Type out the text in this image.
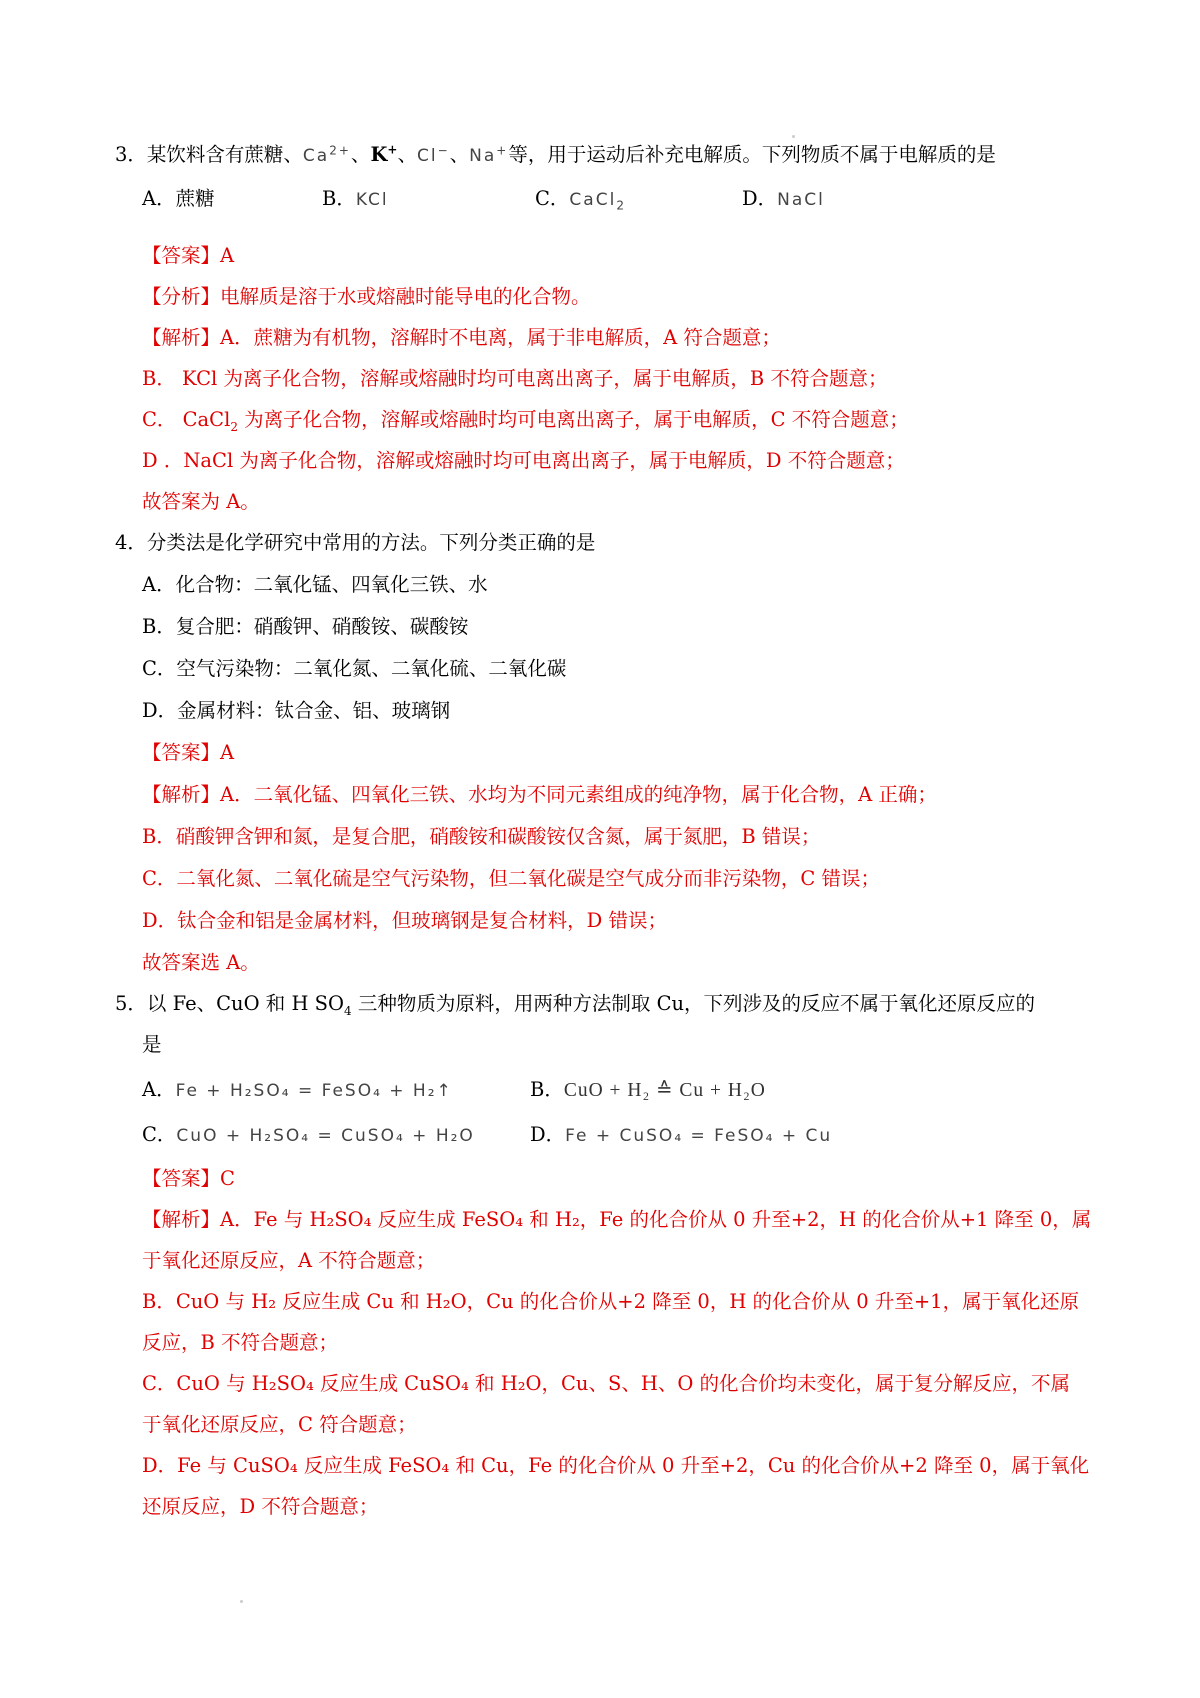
3．某饮料含有蔗糖、$Ca^{2+}$、K+、Cl−、Na+等，用于运动后补充电解质。下列物质不属于电解质的是
A．蔗糖	B．KCl	C．CaCl$_2$	D．NaCl
【答案】A
【分析】电解质是溶于水或熔融时能导电的化合物。
【解析】A．蔗糖为有机物，溶解时不电离，属于非电解质，A 符合题意；
B． KCl 为离子化合物，溶解或熔融时均可电离出离子，属于电解质，B 不符合题意；
C． CaCl$_2$ 为离子化合物，溶解或熔融时均可电离出离子，属于电解质，C 不符合题意；
D ．NaCl 为离子化合物，溶解或熔融时均可电离出离子，属于电解质，D 不符合题意；
故答案为 A。
4．分类法是化学研究中常用的方法。下列分类正确的是
A．化合物：二氧化锰、四氧化三铁、水
B．复合肥：硝酸钾、硝酸铵、碳酸铵
C．空气污染物：二氧化氮、二氧化硫、二氧化碳
D．金属材料：钛合金、铝、玻璃钢
【答案】A
【解析】A．二氧化锰、四氧化三铁、水均为不同元素组成的纯净物，属于化合物，A 正确；
B．硝酸钾含钾和氮，是复合肥，硝酸铵和碳酸铵仅含氮，属于氮肥，B 错误；
C．二氧化氮、二氧化硫是空气污染物，但二氧化碳是空气成分而非污染物，C 错误；
D．钛合金和铝是金属材料，但玻璃钢是复合材料，D 错误；
故答案选 A。
5．以 Fe、CuO 和 H $SO_4$ 三种物质为原料，用两种方法制取 Cu，下列涉及的反应不属于氧化还原反应的
是
A．Fe + H₂SO₄ = FeSO₄ + H₂↑	B．CuO + H₂ ≙ Cu + H₂O
C．CuO + H₂SO₄ = CuSO₄ + H₂O	D．Fe + CuSO₄ = FeSO₄ + Cu
【答案】C
【解析】A．Fe 与 H₂SO₄ 反应生成 FeSO₄ 和 H₂，Fe 的化合价从 0 升至+2，H 的化合价从+1 降至 0，属
于氧化还原反应，A 不符合题意；
B．CuO 与 H₂ 反应生成 Cu 和 H₂O，Cu 的化合价从+2 降至 0，H 的化合价从 0 升至+1，属于氧化还原
反应，B 不符合题意；
C．CuO 与 H₂SO₄ 反应生成 CuSO₄ 和 H₂O，Cu、S、H、O 的化合价均未变化，属于复分解反应，不属
于氧化还原反应，C 符合题意；
D．Fe 与 CuSO₄ 反应生成 FeSO₄ 和 Cu，Fe 的化合价从 0 升至+2，Cu 的化合价从+2 降至 0，属于氧化
还原反应，D 不符合题意；
